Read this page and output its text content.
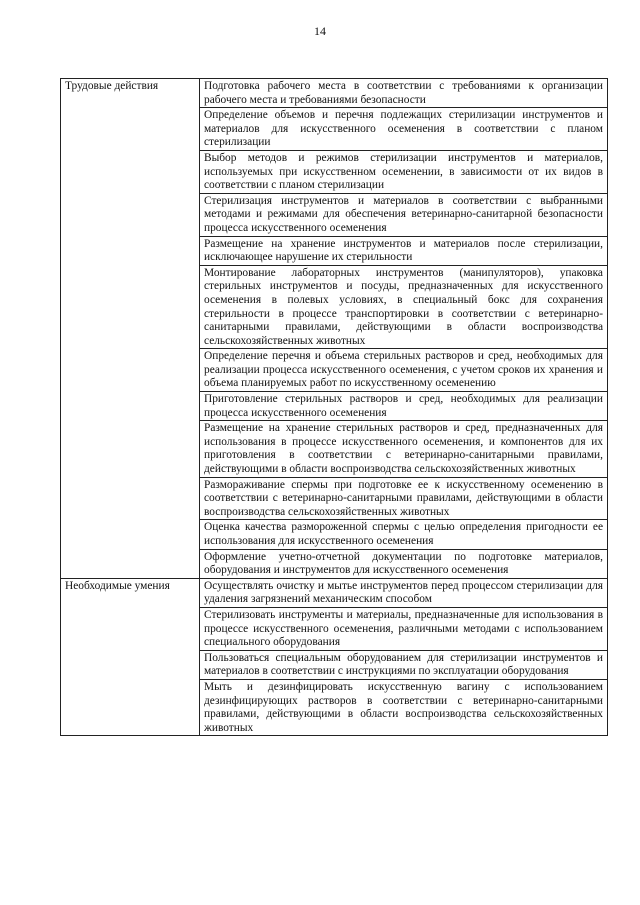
14
Трудовые действия	Подготовка рабочего места в соответствии с требованиями к организации рабочего места и требованиями безопасности
	Определение объемов и перечня подлежащих стерилизации инструментов и материалов для искусственного осеменения в соответствии с планом стерилизации
	Выбор методов и режимов стерилизации инструментов и материалов, используемых при искусственном осеменении, в зависимости от их видов в соответствии с планом стерилизации
	Стерилизация инструментов и материалов в соответствии с выбранными методами и режимами для обеспечения ветеринарно-санитарной безопасности процесса искусственного осеменения
	Размещение на хранение инструментов и материалов после стерилизации, исключающее нарушение их стерильности
	Монтирование лабораторных инструментов (манипуляторов), упаковка стерильных инструментов и посуды, предназначенных для искусственного осеменения в полевых условиях, в специальный бокс для сохранения стерильности в процессе транспортировки в соответствии с ветеринарно-санитарными правилами, действующими в области воспроизводства сельскохозяйственных животных
	Определение перечня и объема стерильных растворов и сред, необходимых для реализации процесса искусственного осеменения, с учетом сроков их хранения и объема планируемых работ по искусственному осеменению
	Приготовление стерильных растворов и сред, необходимых для реализации процесса искусственного осеменения
	Размещение на хранение стерильных растворов и сред, предназначенных для использования в процессе искусственного осеменения, и компонентов для их приготовления в соответствии с ветеринарно-санитарными правилами, действующими в области воспроизводства сельскохозяйственных животных
	Размораживание спермы при подготовке ее к искусственному осеменению в соответствии с ветеринарно-санитарными правилами, действующими в области воспроизводства сельскохозяйственных животных
	Оценка качества размороженной спермы с целью определения пригодности ее использования для искусственного осеменения
	Оформление учетно-отчетной документации по подготовке материалов, оборудования и инструментов для искусственного осеменения
Необходимые умения	Осуществлять очистку и мытье инструментов перед процессом стерилизации для удаления загрязнений механическим способом
	Стерилизовать инструменты и материалы, предназначенные для использования в процессе искусственного осеменения, различными методами с использованием специального оборудования
	Пользоваться специальным оборудованием для стерилизации инструментов и материалов в соответствии с инструкциями по эксплуатации оборудования
	Мыть и дезинфицировать искусственную вагину с использованием дезинфицирующих растворов в соответствии с ветеринарно-санитарными правилами, действующими в области воспроизводства сельскохозяйственных животных
